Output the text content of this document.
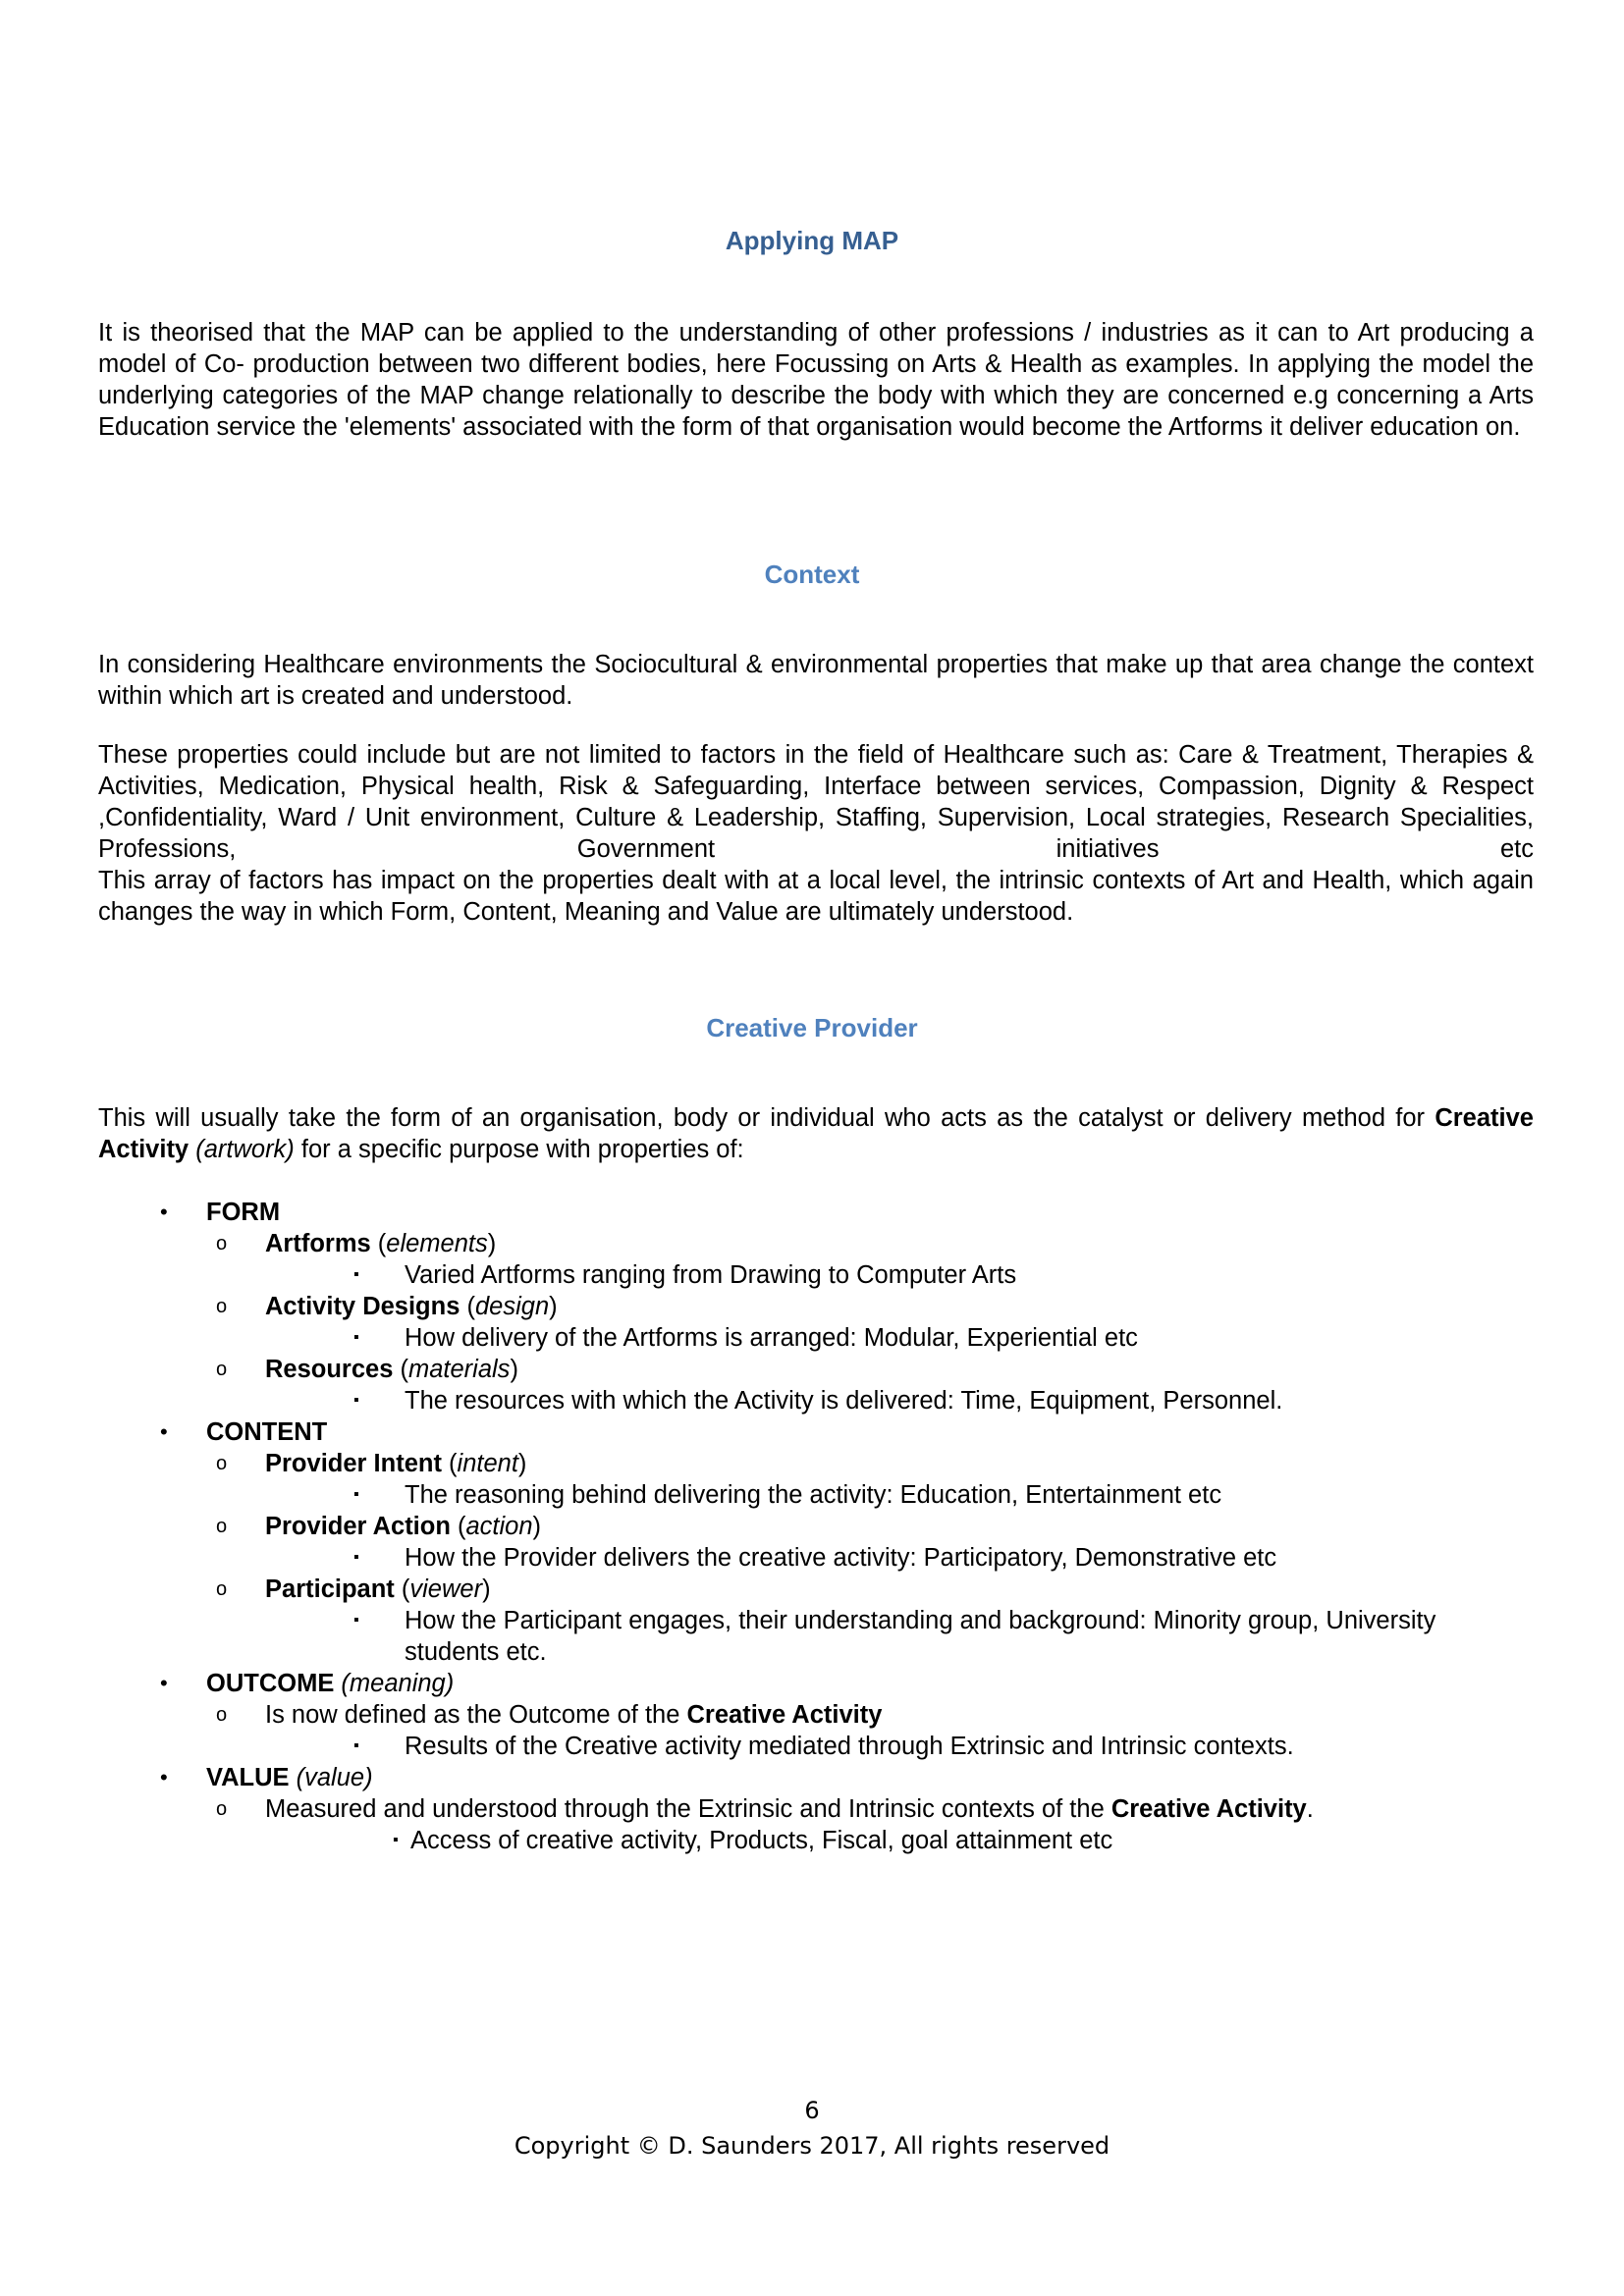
Applying MAP

It is theorised that the MAP can be applied to the understanding of other professions / industries as it can to Art producing a model of Co- production between two different bodies, here Focussing on Arts & Health as examples. In applying the model the underlying categories of the MAP change relationally to describe the body with which they are concerned e.g concerning a Arts Education service the 'elements' associated with the form of that organisation would become the Artforms it deliver education on.

Context

In considering Healthcare environments the Sociocultural & environmental properties that make up that area change the context within which art is created and understood.

These properties could include but are not limited to factors in the field of Healthcare such as: Care & Treatment, Therapies & Activities, Medication, Physical health, Risk & Safeguarding, Interface between services, Compassion, Dignity & Respect ,Confidentiality, Ward / Unit environment, Culture & Leadership, Staffing, Supervision, Local strategies, Research Specialities, Professions, Government initiatives etc

This array of factors has impact on the properties dealt with at a local level, the intrinsic contexts of Art and Health, which again changes the way in which Form, Content, Meaning and Value are ultimately understood.

Creative Provider

This will usually take the form of an organisation, body or individual who acts as the catalyst or delivery method for Creative Activity (artwork) for a specific purpose with properties of:

• FORM
o Artforms (elements)
▪ Varied Artforms ranging from Drawing to Computer Arts
o Activity Designs (design)
▪ How delivery of the Artforms is arranged: Modular, Experiential etc
o Resources (materials)
▪ The resources with which the Activity is delivered: Time, Equipment, Personnel.
• CONTENT
o Provider Intent (intent)
▪ The reasoning behind delivering the activity: Education, Entertainment etc
o Provider Action (action)
▪ How the Provider delivers the creative activity: Participatory, Demonstrative etc
o Participant (viewer)
▪ How the Participant engages, their understanding and background: Minority group, University students etc.
• OUTCOME (meaning)
o Is now defined as the Outcome of the Creative Activity
▪ Results of the Creative activity mediated through Extrinsic and Intrinsic contexts.
• VALUE (value)
o Measured and understood through the Extrinsic and Intrinsic contexts of the Creative Activity.
▪ Access of creative activity, Products, Fiscal, goal attainment etc
6
Copyright © D. Saunders 2017, All rights reserved
